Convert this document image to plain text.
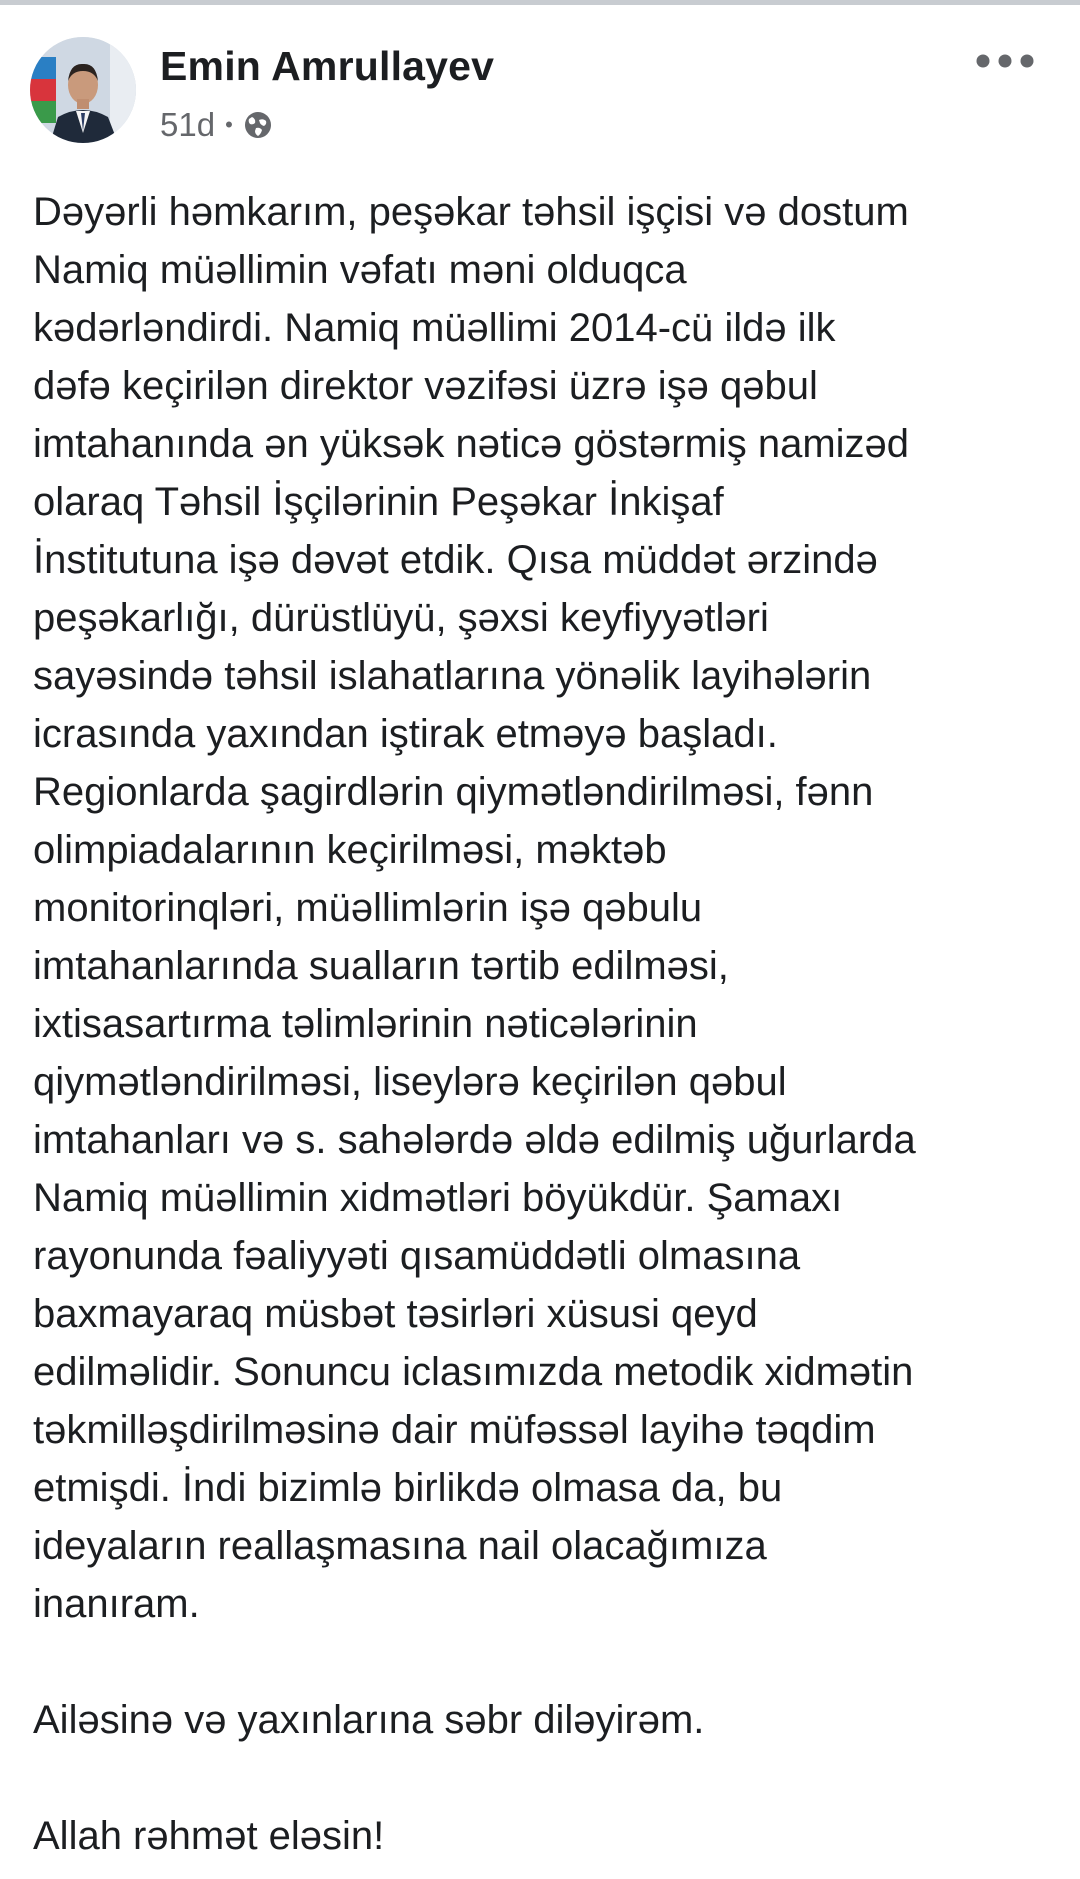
Emin Amrullayev
51d •

Dəyərli həmkarım, peşəkar təhsil işçisi və dostum
Namiq müəllimin vəfatı məni olduqca
kədərləndirdi. Namiq müəllimi 2014-cü ildə ilk
dəfə keçirilən direktor vəzifəsi üzrə işə qəbul
imtahanında ən yüksək nəticə göstərmiş namizəd
olaraq Təhsil İşçilərinin Peşəkar İnkişaf
İnstitutuna işə dəvət etdik. Qısa müddət ərzində
peşəkarlığı, dürüstlüyü, şəxsi keyfiyyətləri
sayəsində təhsil islahatlarına yönəlik layihələrin
icrasında yaxından iştirak etməyə başladı.
Regionlarda şagirdlərin qiymətləndirilməsi, fənn
olimpiadalarının keçirilməsi, məktəb
monitorinqləri, müəllimlərin işə qəbulu
imtahanlarında sualların tərtib edilməsi,
ixtisasartırma təlimlərinin nəticələrinin
qiymətləndirilməsi, liseylərə keçirilən qəbul
imtahanları və s. sahələrdə əldə edilmiş uğurlarda
Namiq müəllimin xidmətləri böyükdür. Şamaxı
rayonunda fəaliyyəti qısamüddətli olmasına
baxmayaraq müsbət təsirləri xüsusi qeyd
edilməlidir. Sonuncu iclasımızda metodik xidmətin
təkmilləşdirilməsinə dair müfəssəl layihə təqdim
etmişdi. İndi bizimlə birlikdə olmasa da, bu
ideyaların reallaşmasına nail olacağımıza
inanıram.

Ailəsinə və yaxınlarına səbr diləyirəm.

Allah rəhmət eləsin!
